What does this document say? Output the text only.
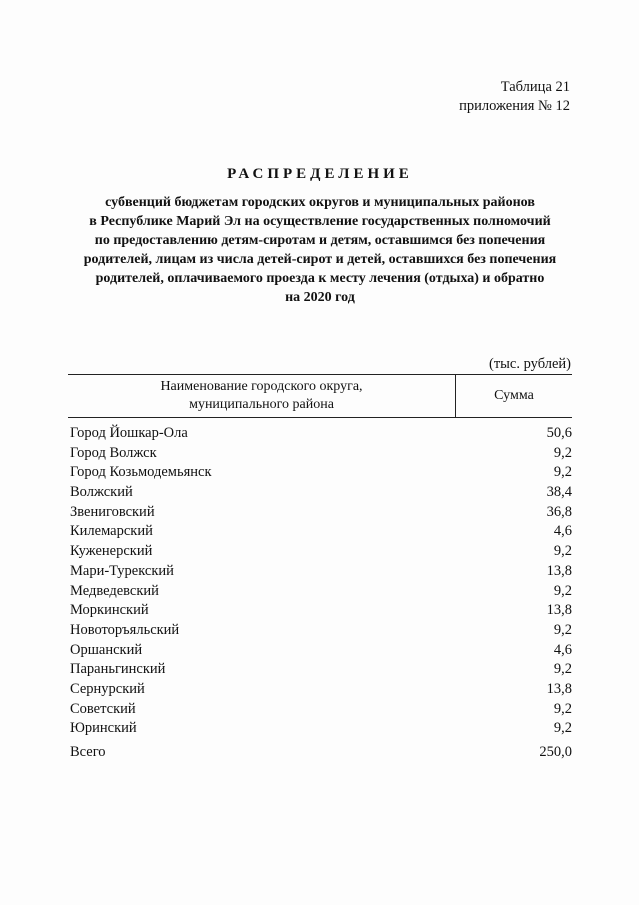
Таблица 21
приложения № 12
РАСПРЕДЕЛЕНИЕ
субвенций бюджетам городских округов и муниципальных районов
в Республике Марий Эл на осуществление государственных полномочий
по предоставлению детям-сиротам и детям, оставшимся без попечения
родителей, лицам из числа детей-сирот и детей, оставшихся без попечения
родителей, оплачиваемого проезда к месту лечения (отдыха) и обратно
на 2020 год
(тыс. рублей)
Наименование городского округа,
муниципального района
Сумма
Город Йошкар-Ола	50,6
Город Волжск	9,2
Город Козьмодемьянск	9,2
Волжский	38,4
Звениговский	36,8
Килемарский	4,6
Куженерский	9,2
Мари-Турекский	13,8
Медведевский	9,2
Моркинский	13,8
Новоторъяльский	9,2
Оршанский	4,6
Параньгинский	9,2
Сернурский	13,8
Советский	9,2
Юринский	9,2
Всего	250,0
